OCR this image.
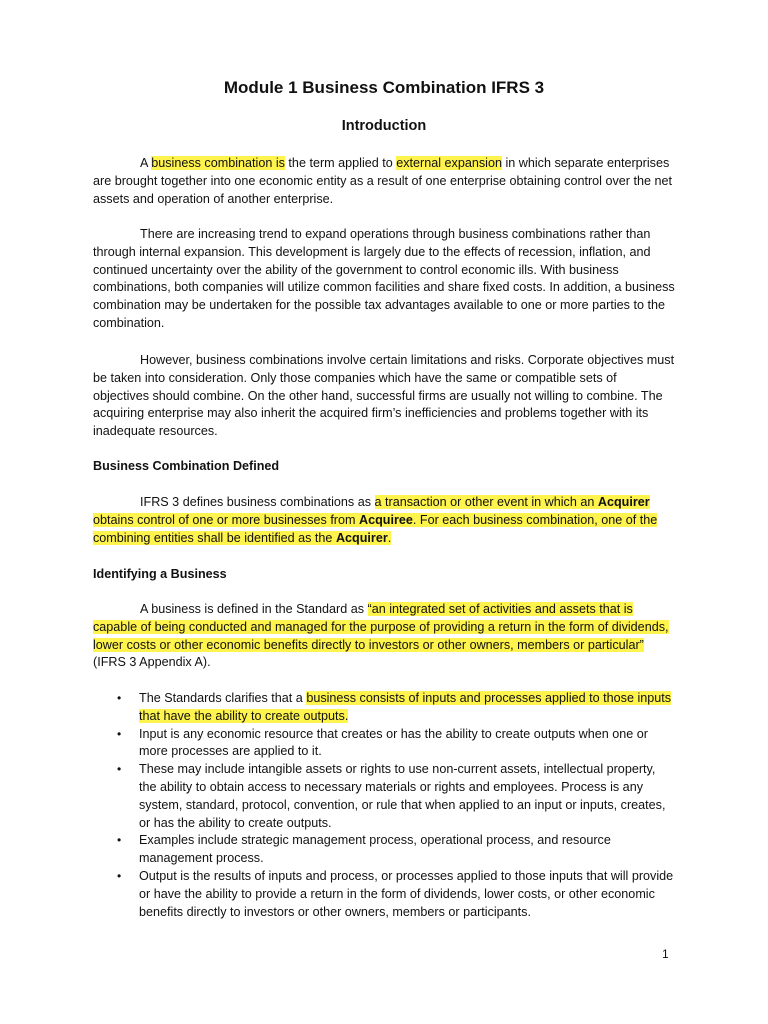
Module 1 Business Combination IFRS 3
Introduction

A business combination is the term applied to external expansion in which separate enterprises are brought together into one economic entity as a result of one enterprise obtaining control over the net assets and operation of another enterprise.

There are increasing trend to expand operations through business combinations rather than through internal expansion. This development is largely due to the effects of recession, inflation, and continued uncertainty over the ability of the government to control economic ills. With business combinations, both companies will utilize common facilities and share fixed costs. In addition, a business combination may be undertaken for the possible tax advantages available to one or more parties to the combination.

However, business combinations involve certain limitations and risks. Corporate objectives must be taken into consideration. Only those companies which have the same or compatible sets of objectives should combine. On the other hand, successful firms are usually not willing to combine. The acquiring enterprise may also inherit the acquired firm’s inefficiencies and problems together with its inadequate resources.

Business Combination Defined

IFRS 3 defines business combinations as a transaction or other event in which an Acquirer obtains control of one or more businesses from Acquiree. For each business combination, one of the combining entities shall be identified as the Acquirer.

Identifying a Business

A business is defined in the Standard as “an integrated set of activities and assets that is capable of being conducted and managed for the purpose of providing a return in the form of dividends, lower costs or other economic benefits directly to investors or other owners, members or particular” (IFRS 3 Appendix A).

• The Standards clarifies that a business consists of inputs and processes applied to those inputs that have the ability to create outputs.
• Input is any economic resource that creates or has the ability to create outputs when one or more processes are applied to it.
• These may include intangible assets or rights to use non-current assets, intellectual property, the ability to obtain access to necessary materials or rights and employees. Process is any system, standard, protocol, convention, or rule that when applied to an input or inputs, creates, or has the ability to create outputs.
• Examples include strategic management process, operational process, and resource management process.
• Output is the results of inputs and process, or processes applied to those inputs that will provide or have the ability to provide a return in the form of dividends, lower costs, or other economic benefits directly to investors or other owners, members or participants.
1
